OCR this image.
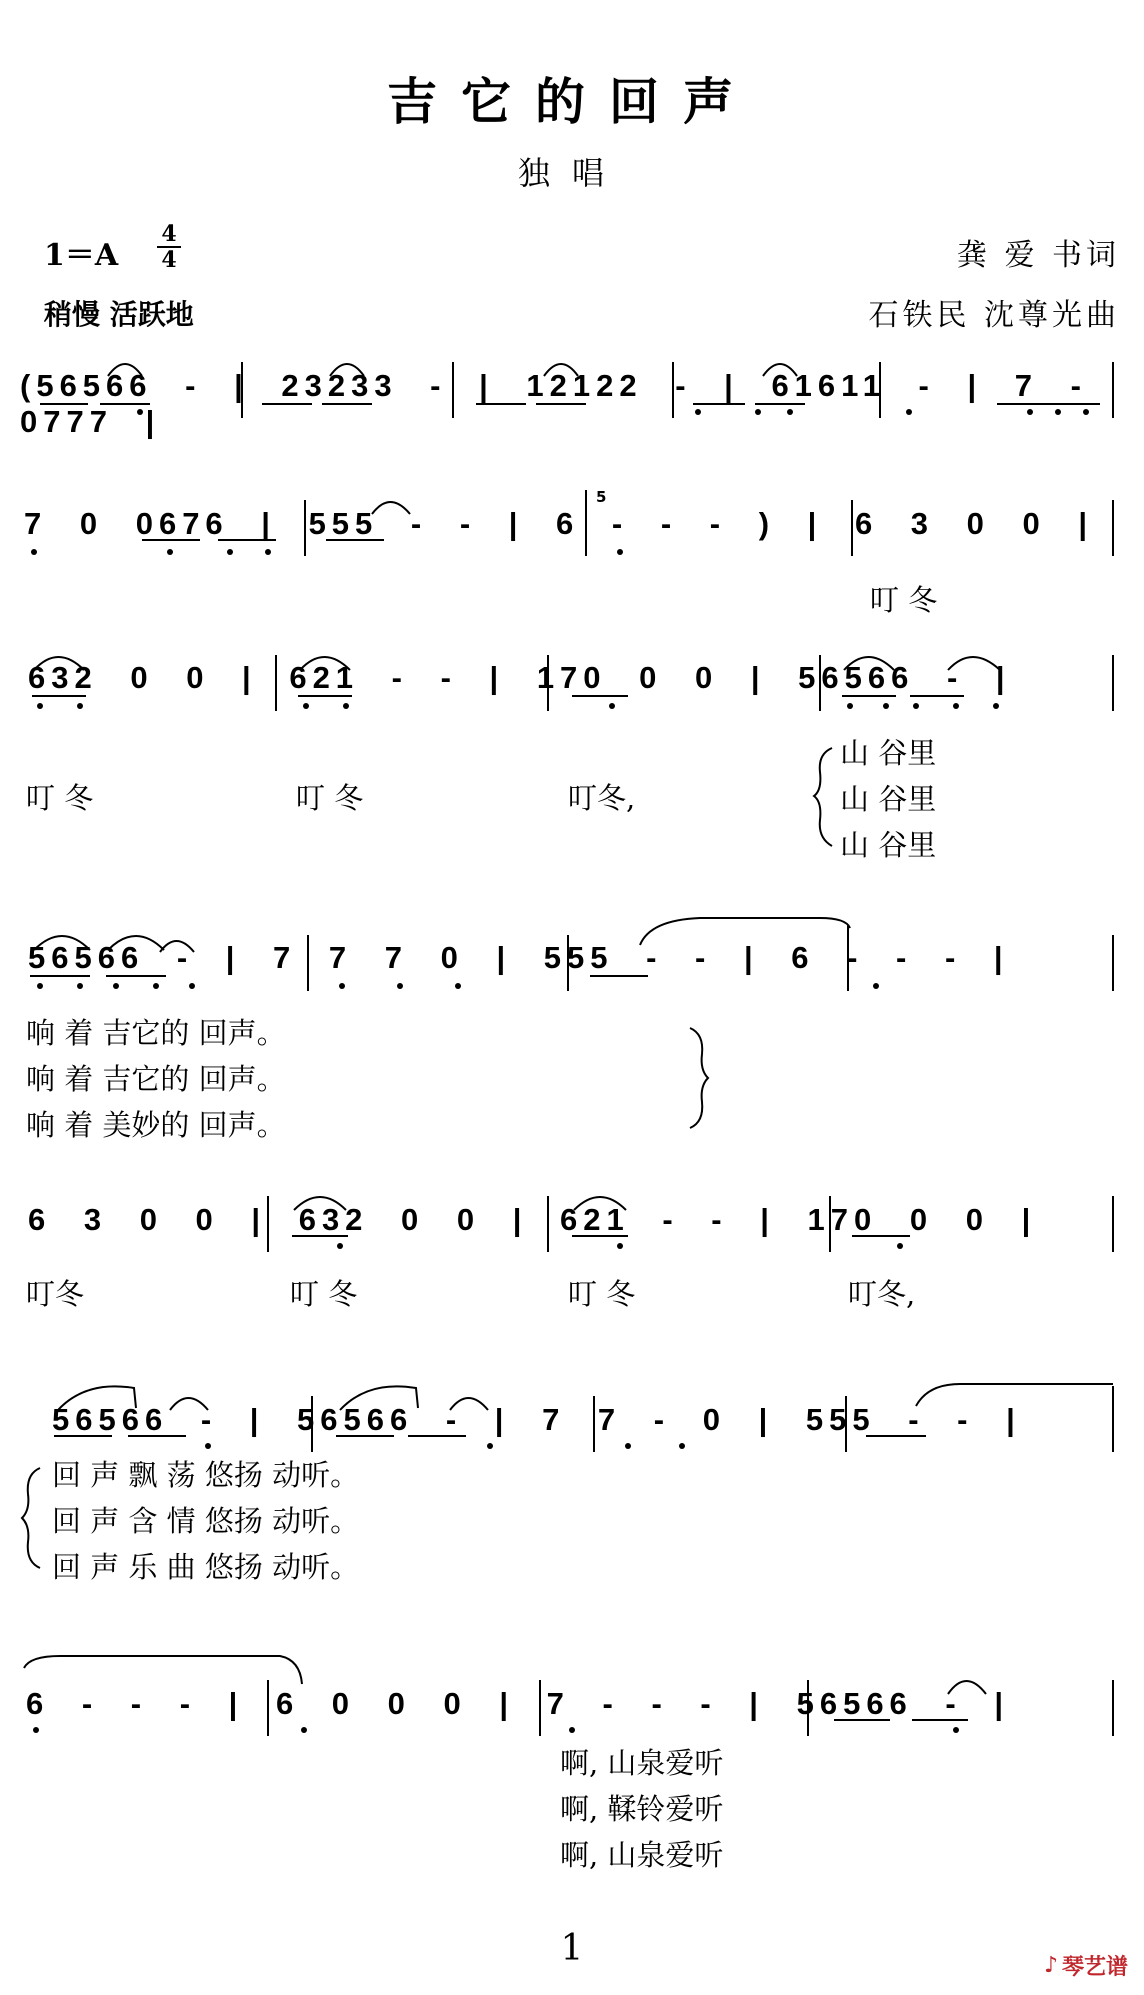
吉它的回声
独唱
1＝A
4
4
稍慢 活跃地
龚 爱 书词
石铁民 沈尊光曲
(56566 - | 23233 - | 12122 - | 61611 - | 7 - 0777 |
7 0 0676 | 555 - - | 6 - - - ) | 6 3 0 0 |
5
叮 冬
632 0 0 | 621 - - | 170 0 0 | 56566 - |
叮 冬	叮 冬	叮冬,
山 谷里
山 谷里
山 谷里
56566 - | 7 7 7 0 | 555 - - | 6 - - - |
响 着 吉它的 回声。
响 着 吉它的 回声。
响 着 美妙的 回声。
6 3 0 0 | 632 0 0 | 621 - - | 170 0 0 |
叮冬	叮 冬	叮 冬	叮冬,
56566 - | 56566 - | 7 7 - 0 | 555 - - |
回 声 飘 荡 悠扬 动听。
回 声 含 情 悠扬 动听。
回 声 乐 曲 悠扬 动听。
6 - - - | 6 0 0 0 | 7 - - - | 56566 - |
啊, 山泉爱听
啊, 鞣铃爱听
啊, 山泉爱听
1	♪ 琴艺谱
